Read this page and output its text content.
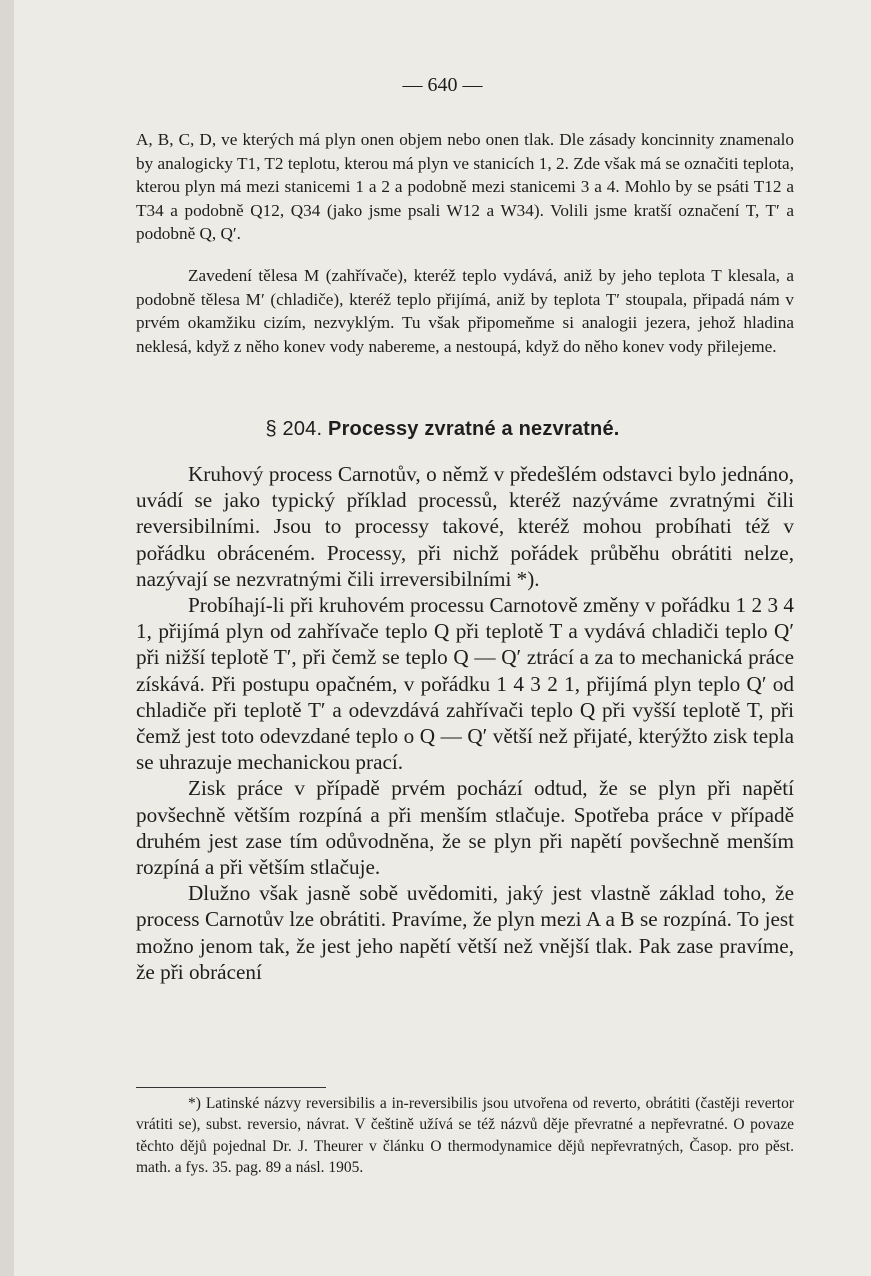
— 640 —

A, B, C, D, ve kterých má plyn onen objem nebo onen tlak. Dle zásady koncinnity znamenalo by analogicky T1, T2 teplotu, kterou má plyn ve stanicích 1, 2. Zde však má se označiti teplota, kterou plyn má mezi stanicemi 1 a 2 a podobně mezi stanicemi 3 a 4. Mohlo by se psáti T12 a T34 a podobně Q12, Q34 (jako jsme psali W12 a W34). Volili jsme kratší označení T, T′ a podobně Q, Q′.

Zavedení tělesa M (zahřívače), kteréž teplo vydává, aniž by jeho teplota T klesala, a podobně tělesa M′ (chladiče), kteréž teplo přijímá, aniž by teplota T′ stoupala, připadá nám v prvém okamžiku cizím, nezvyklým. Tu však připomeňme si analogii jezera, jehož hladina neklesá, když z něho konev vody nabereme, a nestoupá, když do něho konev vody přilejeme.

§ 204. Processy zvratné a nezvratné.

Kruhový process Carnotův, o němž v předešlém odstavci bylo jednáno, uvádí se jako typický příklad processů, kteréž nazýváme zvratnými čili reversibilními. Jsou to processy takové, kteréž mohou probíhati též v pořádku obráceném. Processy, při nichž pořádek průběhu obrátiti nelze, nazývají se nezvratnými čili irreversibilními *).

Probíhají-li při kruhovém processu Carnotově změny v pořádku 1 2 3 4 1, přijímá plyn od zahřívače teplo Q při teplotě T a vydává chladiči teplo Q′ při nižší teplotě T′, při čemž se teplo Q — Q′ ztrácí a za to mechanická práce získává. Při postupu opačném, v pořádku 1 4 3 2 1, přijímá plyn teplo Q′ od chladiče při teplotě T′ a odevzdává zahřívači teplo Q při vyšší teplotě T, při čemž jest toto odevzdané teplo o Q — Q′ větší než přijaté, kterýžto zisk tepla se uhrazuje mechanickou prací.

Zisk práce v případě prvém pochází odtud, že se plyn při napětí povšechně větším rozpíná a při menším stlačuje. Spotřeba práce v případě druhém jest zase tím odůvodněna, že se plyn při napětí povšechně menším rozpíná a při větším stlačuje.

Dlužno však jasně sobě uvědomiti, jaký jest vlastně základ toho, že process Carnotův lze obrátiti. Pravíme, že plyn mezi A a B se rozpíná. To jest možno jenom tak, že jest jeho napětí větší než vnější tlak. Pak zase pravíme, že při obrácení

*) Latinské názvy reversibilis a in-reversibilis jsou utvořena od reverto, obrátiti (častěji revertor vrátiti se), subst. reversio, návrat. V češtině užívá se též názvů děje převratné a nepřevratné. O povaze těchto dějů pojednal Dr. J. Theurer v článku O thermodynamice dějů nepřevratných, Časop. pro pěst. math. a fys. 35. pag. 89 a násl. 1905.
